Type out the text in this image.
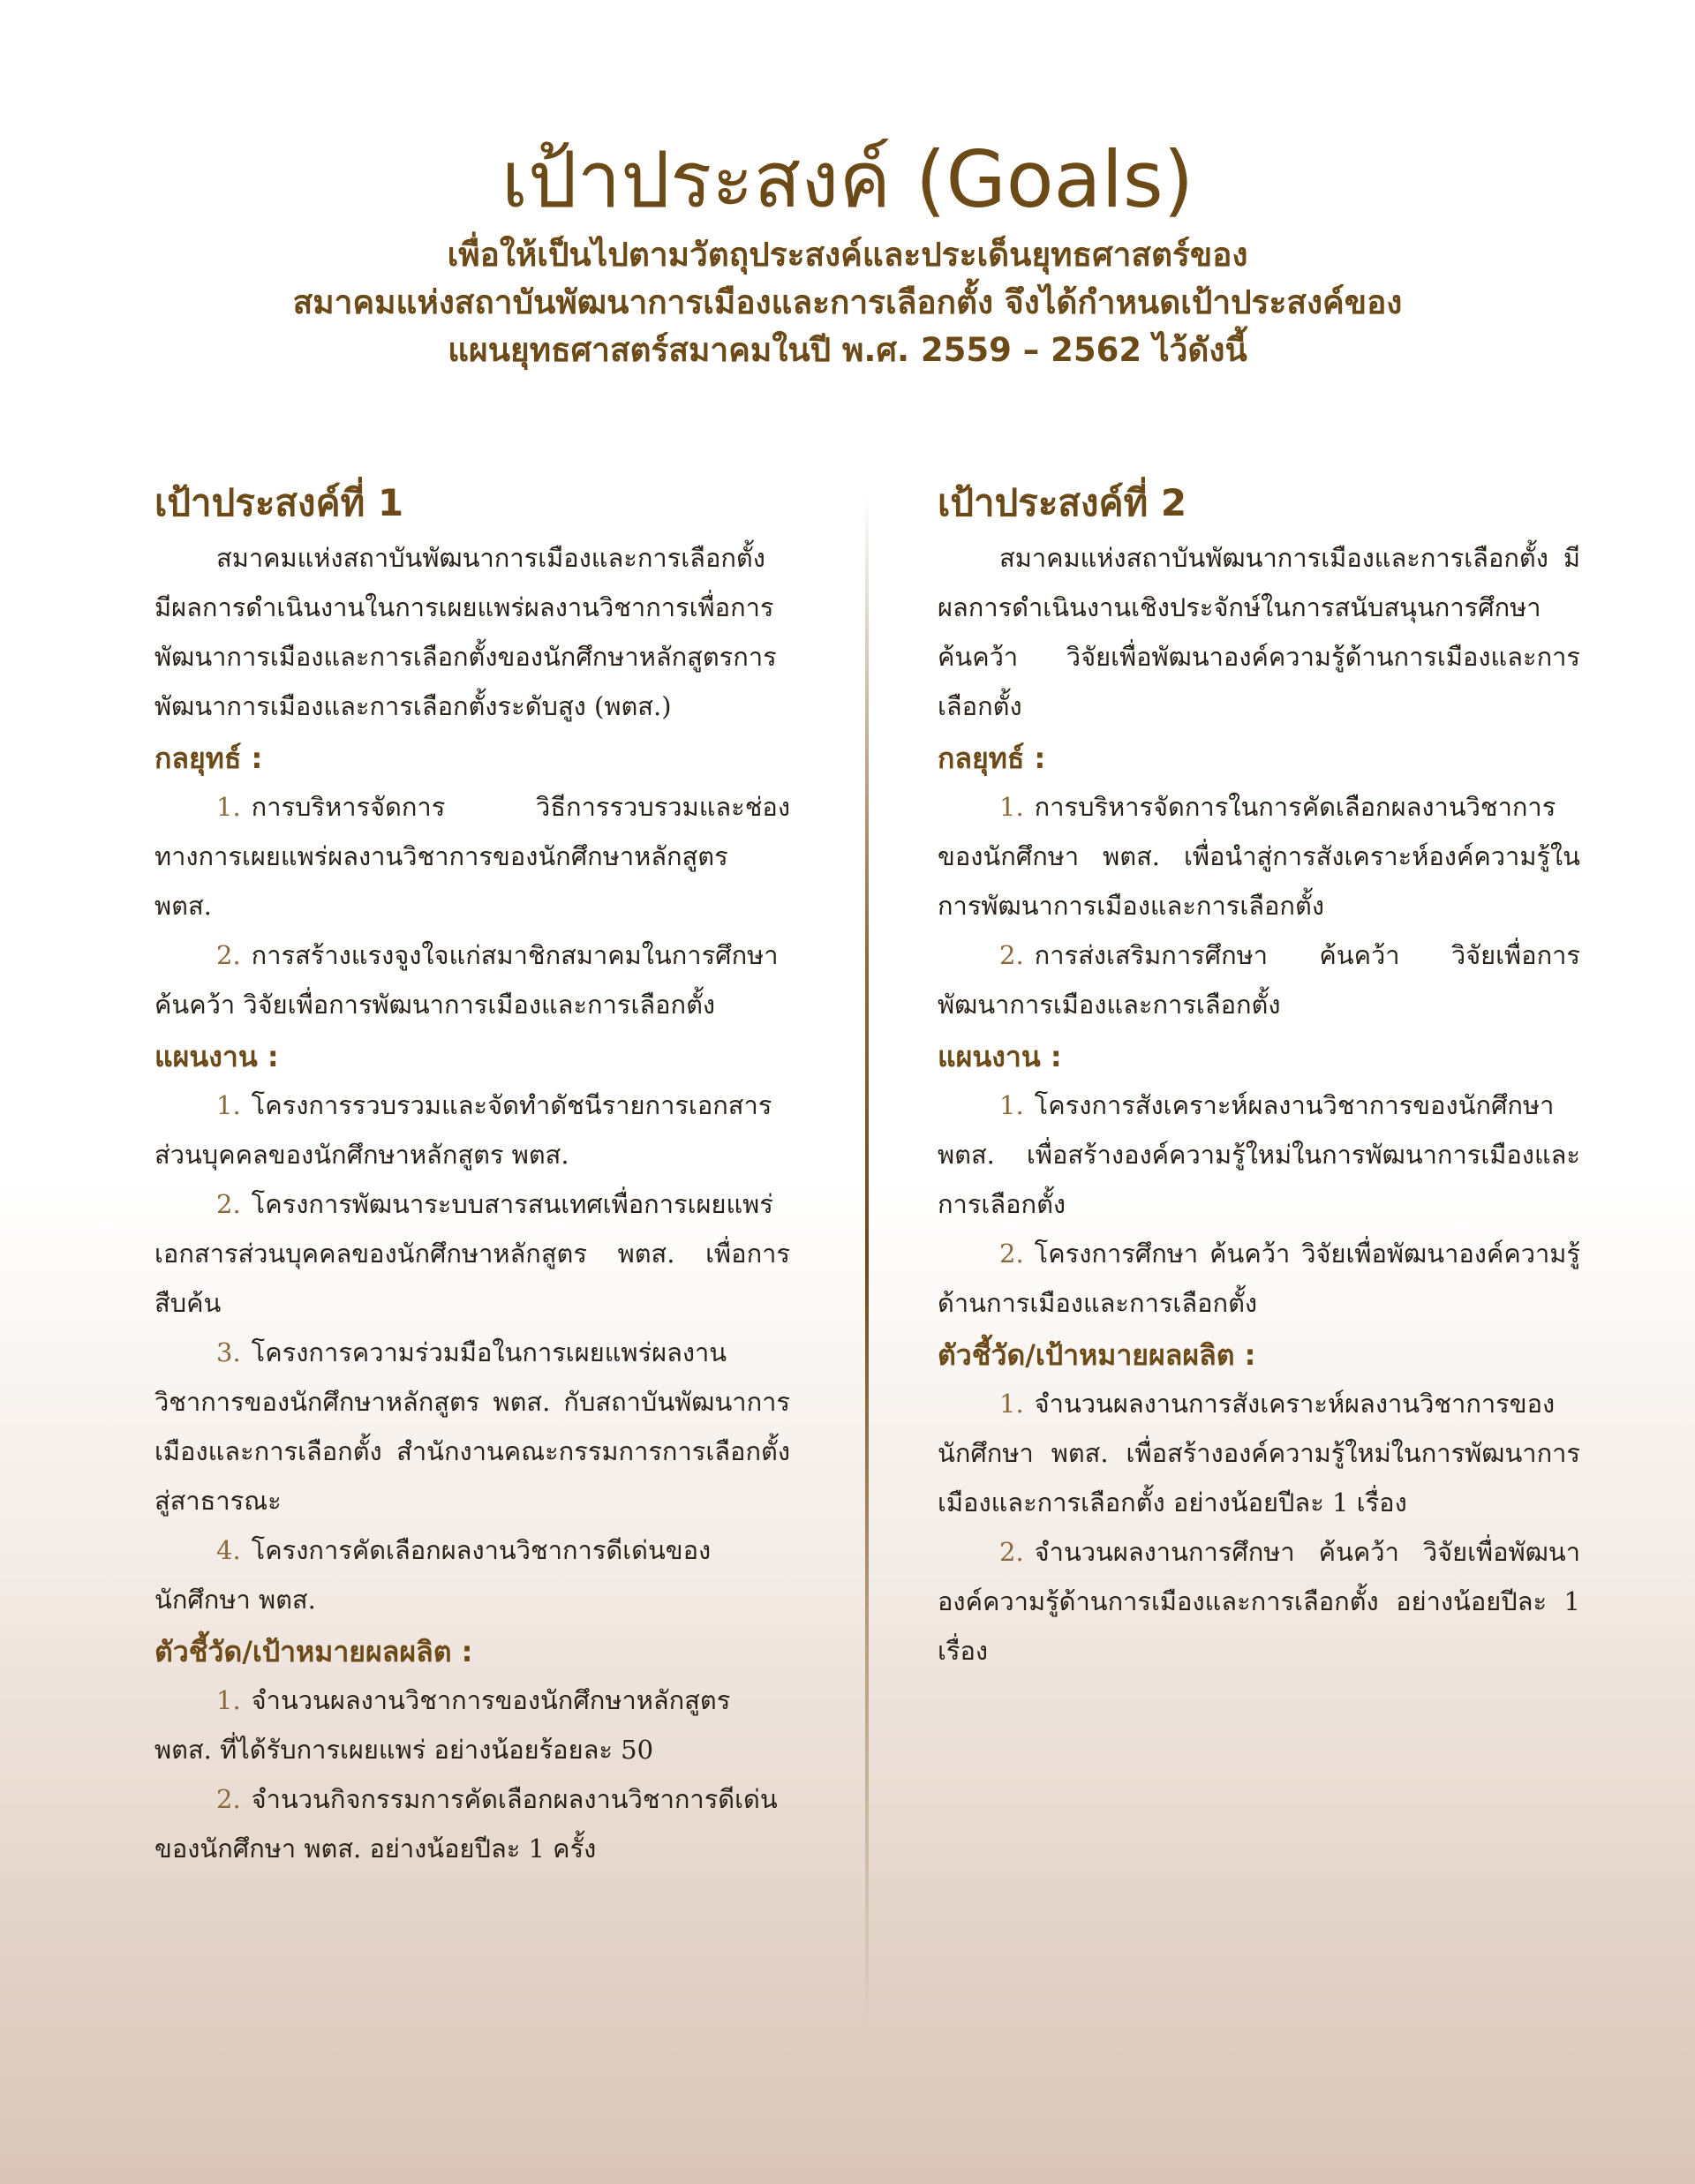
เป้าประสงค์ (Goals)
เพื่อให้เป็นไปตามวัตถุประสงค์และประเด็นยุทธศาสตร์ของ
สมาคมแห่งสถาบันพัฒนาการเมืองและการเลือกตั้ง จึงได้กำหนดเป้าประสงค์ของ
แผนยุทธศาสตร์สมาคมในปี พ.ศ. 2559 – 2562 ไว้ดังนี้
เป้าประสงค์ที่ 1

สมาคมแห่งสถาบันพัฒนาการเมืองและการเลือกตั้ง มีผลการดำเนินงานในการเผยแพร่ผลงานวิชาการเพื่อการพัฒนาการเมืองและการเลือกตั้งของนักศึกษาหลักสูตรการพัฒนาการเมืองและการเลือกตั้งระดับสูง (พตส.)

กลยุทธ์ :

1. การบริหารจัดการ วิธีการรวบรวมและช่องทางการเผยแพร่ผลงานวิชาการของนักศึกษาหลักสูตร พตส.

2. การสร้างแรงจูงใจแก่สมาชิกสมาคมในการศึกษา ค้นคว้า วิจัยเพื่อการพัฒนาการเมืองและการเลือกตั้ง

แผนงาน :

1. โครงการรวบรวมและจัดทำดัชนีรายการเอกสารส่วนบุคคลของนักศึกษาหลักสูตร พตส.

2. โครงการพัฒนาระบบสารสนเทศเพื่อการเผยแพร่เอกสารส่วนบุคคลของนักศึกษาหลักสูตร พตส. เพื่อการสืบค้น

3. โครงการความร่วมมือในการเผยแพร่ผลงานวิชาการของนักศึกษาหลักสูตร พตส. กับสถาบันพัฒนาการเมืองและการเลือกตั้ง สำนักงานคณะกรรมการการเลือกตั้ง สู่สาธารณะ

4. โครงการคัดเลือกผลงานวิชาการดีเด่นของนักศึกษา พตส.

ตัวชี้วัด/เป้าหมายผลผลิต :

1. จำนวนผลงานวิชาการของนักศึกษาหลักสูตร พตส. ที่ได้รับการเผยแพร่ อย่างน้อยร้อยละ 50

2. จำนวนกิจกรรมการคัดเลือกผลงานวิชาการดีเด่นของนักศึกษา พตส. อย่างน้อยปีละ 1 ครั้ง

เป้าประสงค์ที่ 2

สมาคมแห่งสถาบันพัฒนาการเมืองและการเลือกตั้ง มีผลการดำเนินงานเชิงประจักษ์ในการสนับสนุนการศึกษา ค้นคว้า วิจัยเพื่อพัฒนาองค์ความรู้ด้านการเมืองและการเลือกตั้ง

กลยุทธ์ :

1. การบริหารจัดการในการคัดเลือกผลงานวิชาการของนักศึกษา พตส. เพื่อนำสู่การสังเคราะห์องค์ความรู้ในการพัฒนาการเมืองและการเลือกตั้ง

2. การส่งเสริมการศึกษา ค้นคว้า วิจัยเพื่อการพัฒนาการเมืองและการเลือกตั้ง

แผนงาน :

1. โครงการสังเคราะห์ผลงานวิชาการของนักศึกษา พตส. เพื่อสร้างองค์ความรู้ใหม่ในการพัฒนาการเมืองและการเลือกตั้ง

2. โครงการศึกษา ค้นคว้า วิจัยเพื่อพัฒนาองค์ความรู้ด้านการเมืองและการเลือกตั้ง

ตัวชี้วัด/เป้าหมายผลผลิต :

1. จำนวนผลงานการสังเคราะห์ผลงานวิชาการของนักศึกษา พตส. เพื่อสร้างองค์ความรู้ใหม่ในการพัฒนาการเมืองและการเลือกตั้ง อย่างน้อยปีละ 1 เรื่อง

2. จำนวนผลงานการศึกษา ค้นคว้า วิจัยเพื่อพัฒนาองค์ความรู้ด้านการเมืองและการเลือกตั้ง อย่างน้อยปีละ 1 เรื่อง
